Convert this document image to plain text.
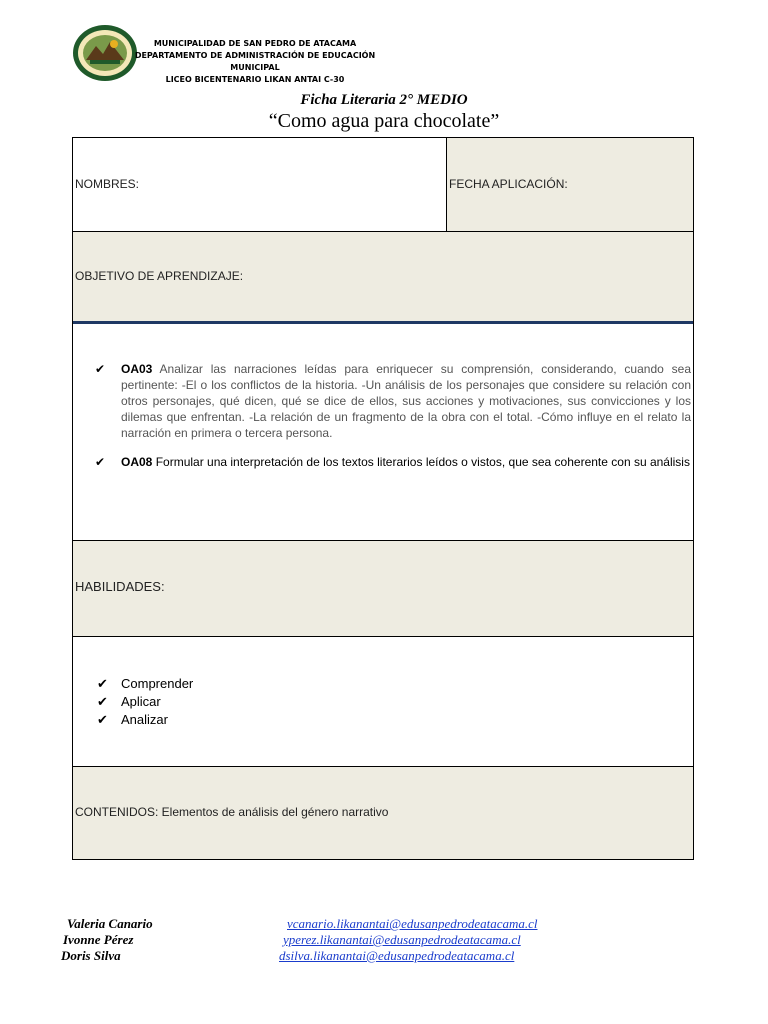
MUNICIPALIDAD DE SAN PEDRO DE ATACAMA
DEPARTAMENTO DE ADMINISTRACIÓN DE EDUCACIÓN
MUNICIPAL
LICEO BICENTENARIO LIKAN ANTAI C-30
Ficha Literaria 2° MEDIO
“Como agua para chocolate”
NOMBRES:	FECHA APLICACIÓN:
OBJETIVO DE APRENDIZAJE:
✔ OA03 Analizar las narraciones leídas para enriquecer su comprensión, considerando, cuando sea pertinente: -El o los conflictos de la historia. -Un análisis de los personajes que considere su relación con otros personajes, qué dicen, qué se dice de ellos, sus acciones y motivaciones, sus convicciones y los dilemas que enfrentan. -La relación de un fragmento de la obra con el total. -Cómo influye en el relato la narración en primera o tercera persona.
✔ OA08 Formular una interpretación de los textos literarios leídos o vistos, que sea coherente con su análisis
HABILIDADES:
✔ Comprender
✔ Aplicar
✔ Analizar
CONTENIDOS: Elementos de análisis del género narrativo
Valeria Canario
Ivonne Pérez
Doris Silva
vcanario.likanantai@edusanpedrodeatacama.cl
yperez.likanantai@edusanpedrodeatacama.cl
dsilva.likanantai@edusanpedrodeatacama.cl
